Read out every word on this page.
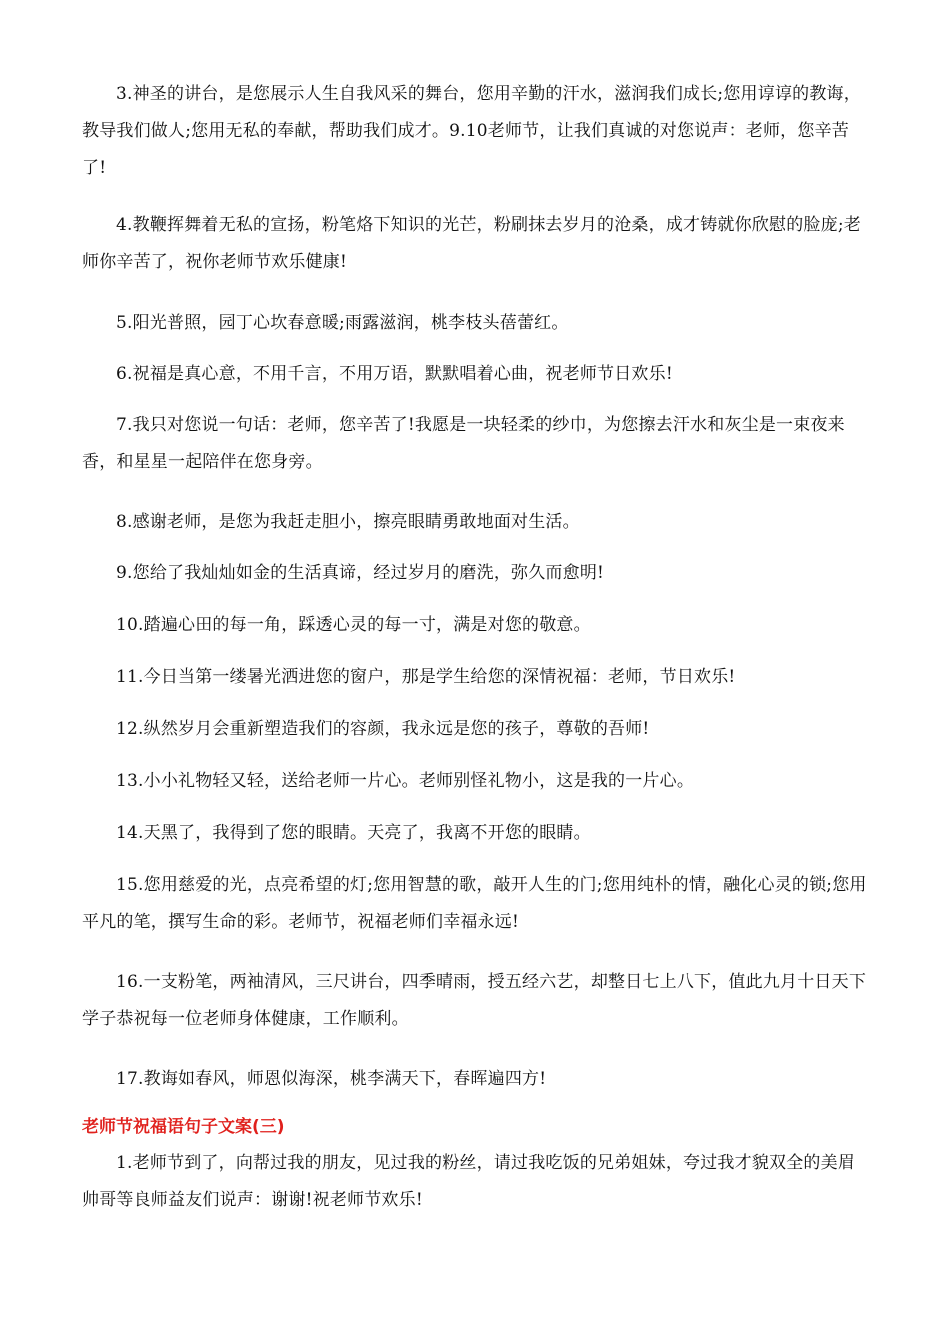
3.神圣的讲台，是您展示人生自我风采的舞台，您用辛勤的汗水，滋润我们成长;您用谆谆的教诲，教导我们做人;您用无私的奉献，帮助我们成才。9.10老师节，让我们真诚的对您说声：老师，您辛苦了!

4.教鞭挥舞着无私的宣扬，粉笔烙下知识的光芒，粉刷抹去岁月的沧桑，成才铸就你欣慰的脸庞;老师你辛苦了，祝你老师节欢乐健康!

5.阳光普照，园丁心坎春意暖;雨露滋润，桃李枝头蓓蕾红。

6.祝福是真心意，不用千言，不用万语，默默唱着心曲，祝老师节日欢乐!

7.我只对您说一句话：老师，您辛苦了!我愿是一块轻柔的纱巾，为您擦去汗水和灰尘是一束夜来香，和星星一起陪伴在您身旁。

8.感谢老师，是您为我赶走胆小，擦亮眼睛勇敢地面对生活。

9.您给了我灿灿如金的生活真谛，经过岁月的磨洗，弥久而愈明!

10.踏遍心田的每一角，踩透心灵的每一寸，满是对您的敬意。

11.今日当第一缕暑光洒进您的窗户，那是学生给您的深情祝福：老师，节日欢乐!

12.纵然岁月会重新塑造我们的容颜，我永远是您的孩子，尊敬的吾师!

13.小小礼物轻又轻，送给老师一片心。老师别怪礼物小，这是我的一片心。

14.天黑了，我得到了您的眼睛。天亮了，我离不开您的眼睛。

15.您用慈爱的光，点亮希望的灯;您用智慧的歌，敲开人生的门;您用纯朴的情，融化心灵的锁;您用平凡的笔，撰写生命的彩。老师节，祝福老师们幸福永远!

16.一支粉笔，两袖清风，三尺讲台，四季晴雨，授五经六艺，却整日七上八下，值此九月十日天下学子恭祝每一位老师身体健康，工作顺利。

17.教诲如春风，师恩似海深，桃李满天下，春晖遍四方!

老师节祝福语句子文案(三)

1.老师节到了，向帮过我的朋友，见过我的粉丝，请过我吃饭的兄弟姐妹，夸过我才貌双全的美眉帅哥等良师益友们说声：谢谢!祝老师节欢乐!
